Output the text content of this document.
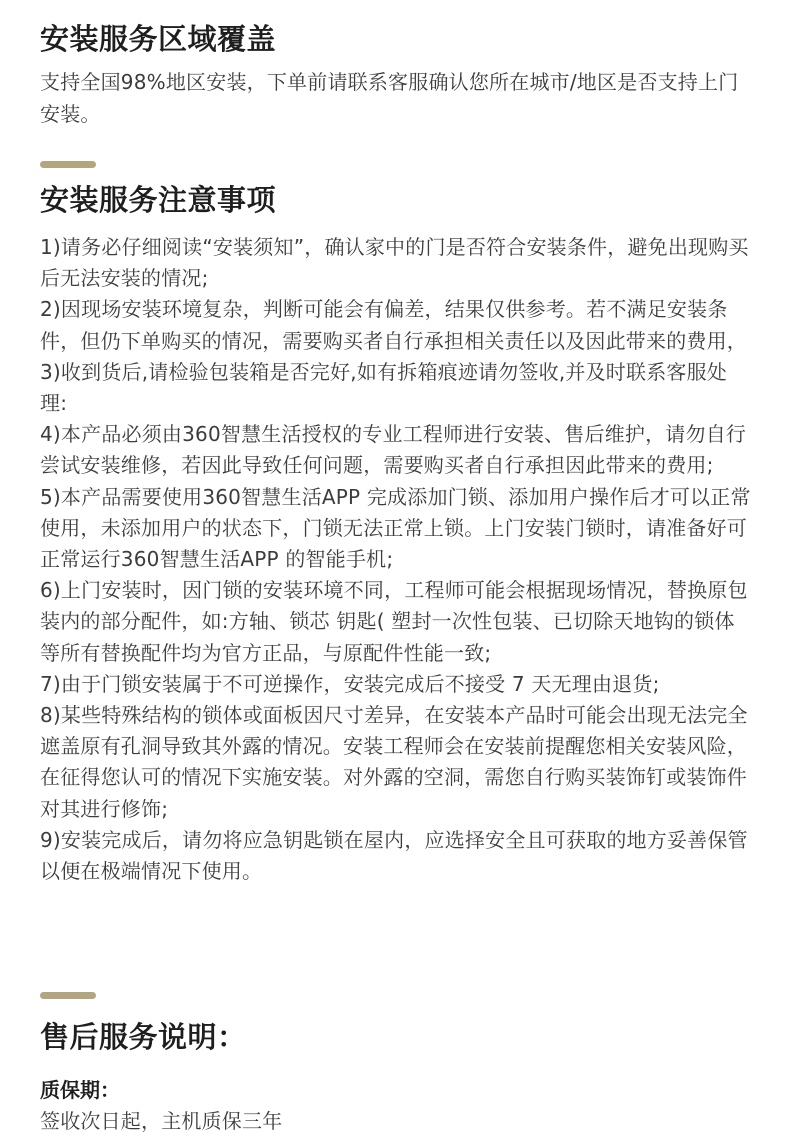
安装服务区域覆盖

支持全国98%地区安装，下单前请联系客服确认您所在城市/地区是否支持上门安装。

安装服务注意事项
1)请务必仔细阅读“安装须知”，确认家中的门是否符合安装条件，避免出现购买后无法安装的情况;
2)因现场安装环境复杂，判断可能会有偏差，结果仅供参考。若不满足安装条件，但仍下单购买的情况，需要购买者自行承担相关责任以及因此带来的费用，
3)收到货后,请检验包装箱是否完好,如有拆箱痕迹请勿签收,并及时联系客服处理:
4)本产品必须由360智慧生活授权的专业工程师进行安装、售后维护，请勿自行尝试安装维修，若因此导致任何问题，需要购买者自行承担因此带来的费用;
5)本产品需要使用360智慧生活APP 完成添加门锁、添加用户操作后才可以正常使用，未添加用户的状态下，门锁无法正常上锁。上门安装门锁时，请准备好可正常运行360智慧生活APP 的智能手机;
6)上门安装时，因门锁的安装环境不同，工程师可能会根据现场情况，替换原包装内的部分配件，如:方轴、锁芯 钥匙( 塑封一次性包装、已切除天地钩的锁体等所有替换配件均为官方正品，与原配件性能一致;
7)由于门锁安装属于不可逆操作，安装完成后不接受 7 天无理由退货;
8)某些特殊结构的锁体或面板因尺寸差异，在安装本产品时可能会出现无法完全遮盖原有孔洞导致其外露的情况。安装工程师会在安装前提醒您相关安装风险，在征得您认可的情况下实施安装。对外露的空洞，需您自行购买装饰钉或装饰件对其进行修饰;
9)安装完成后，请勿将应急钥匙锁在屋内，应选择安全且可获取的地方妥善保管以便在极端情况下使用。
售后服务说明：
质保期：

签收次日起，主机质保三年
